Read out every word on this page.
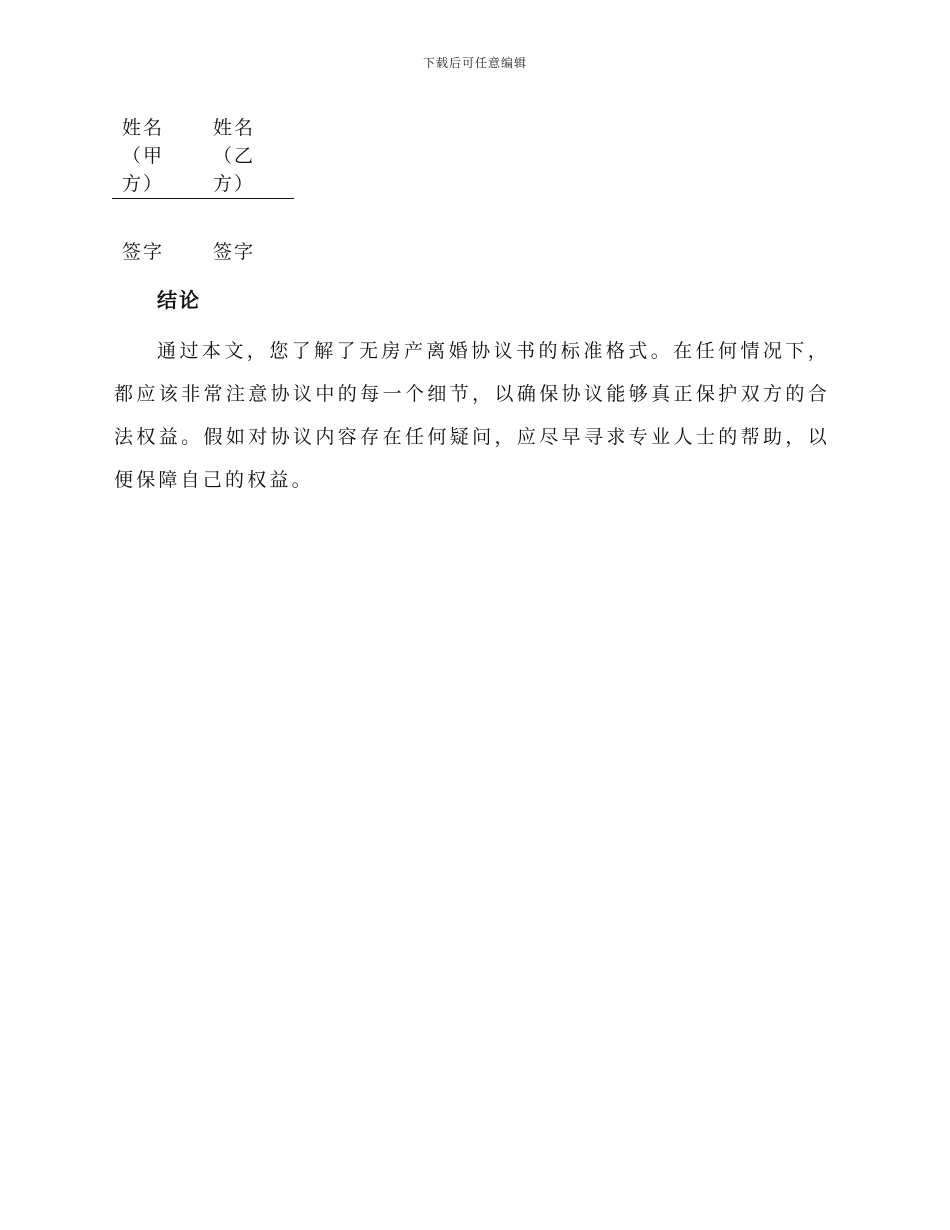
下载后可任意编辑
姓名（甲方）	姓名（乙方）

签字	签字
结论

通过本文，您了解了无房产离婚协议书的标准格式。在任何情况下，都应该非常注意协议中的每一个细节，以确保协议能够真正保护双方的合法权益。假如对协议内容存在任何疑问，应尽早寻求专业人士的帮助，以便保障自己的权益。
